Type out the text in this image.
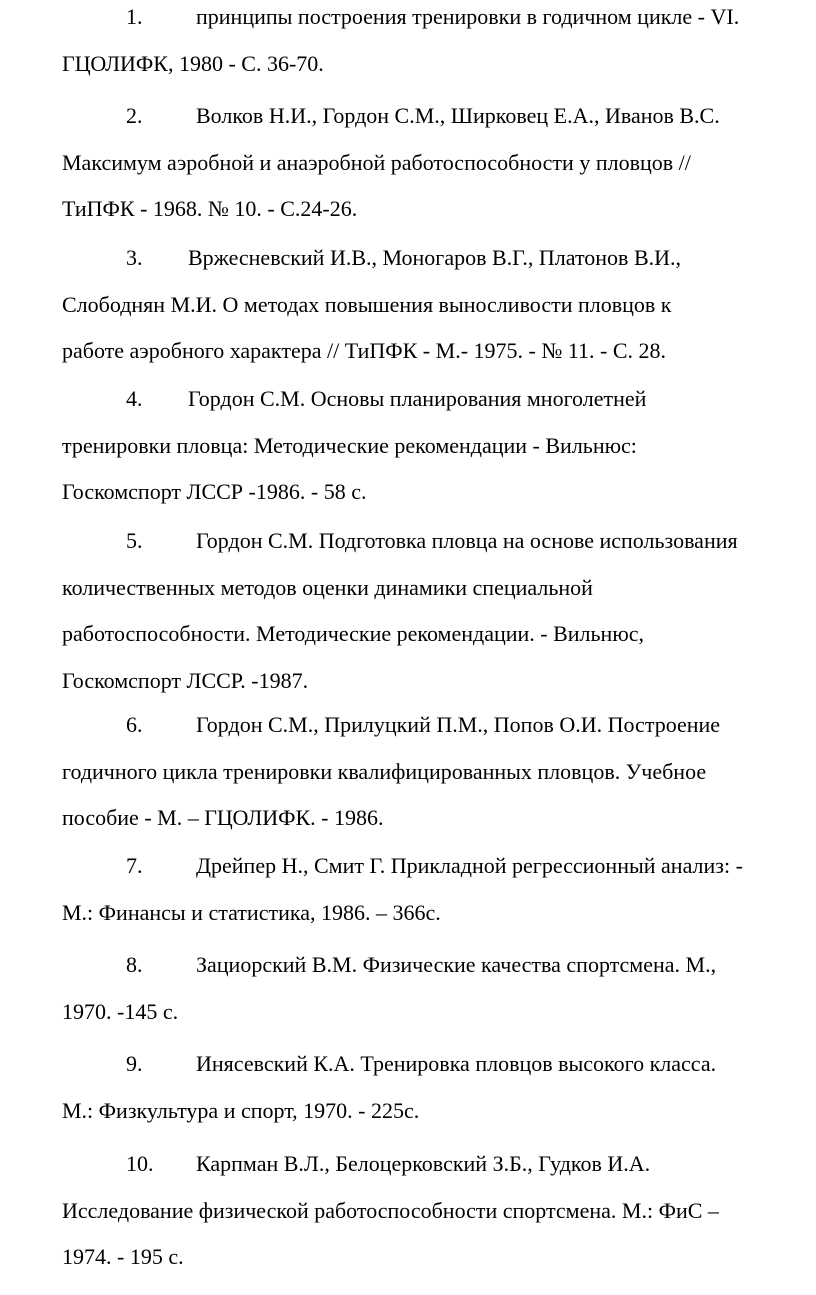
1. принципы построения тренировки в годичном цикле - VI.
ГЦОЛИФК, 1980 - С. 36-70.
2. Волков Н.И., Гордон С.М., Ширковец Е.А., Иванов В.С.
Максимум аэробной и анаэробной работоспособности у пловцов //
ТиПФК - 1968. № 10. - С.24-26.
3. Вржесневский И.В., Моногаров В.Г., Платонов В.И.,
Слободнян М.И. О методах повышения выносливости пловцов к
работе аэробного характера // ТиПФК - М.- 1975. - № 11. - С. 28.
4. Гордон С.М. Основы планирования многолетней
тренировки пловца: Методические рекомендации - Вильнюс:
Госкомспорт ЛССР -1986. - 58 с.
5. Гордон С.М. Подготовка пловца на основе использования
количественных методов оценки динамики специальной
работоспособности. Методические рекомендации. - Вильнюс,
Госкомспорт ЛССР. -1987.
6. Гордон С.М., Прилуцкий П.М., Попов О.И. Построение
годичного цикла тренировки квалифицированных пловцов. Учебное
пособие - М. – ГЦОЛИФК. - 1986.
7. Дрейпер Н., Смит Г. Прикладной регрессионный анализ: -
М.: Финансы и статистика, 1986. – 366с.
8. Зациорский В.М. Физические качества спортсмена. М.,
1970. -145 с.
9. Инясевский К.А. Тренировка пловцов высокого класса.
М.: Физкультура и спорт, 1970. - 225с.
10. Карпман В.Л., Белоцерковский З.Б., Гудков И.А.
Исследование физической работоспособности спортсмена. М.: ФиС –
1974. - 195 с.
